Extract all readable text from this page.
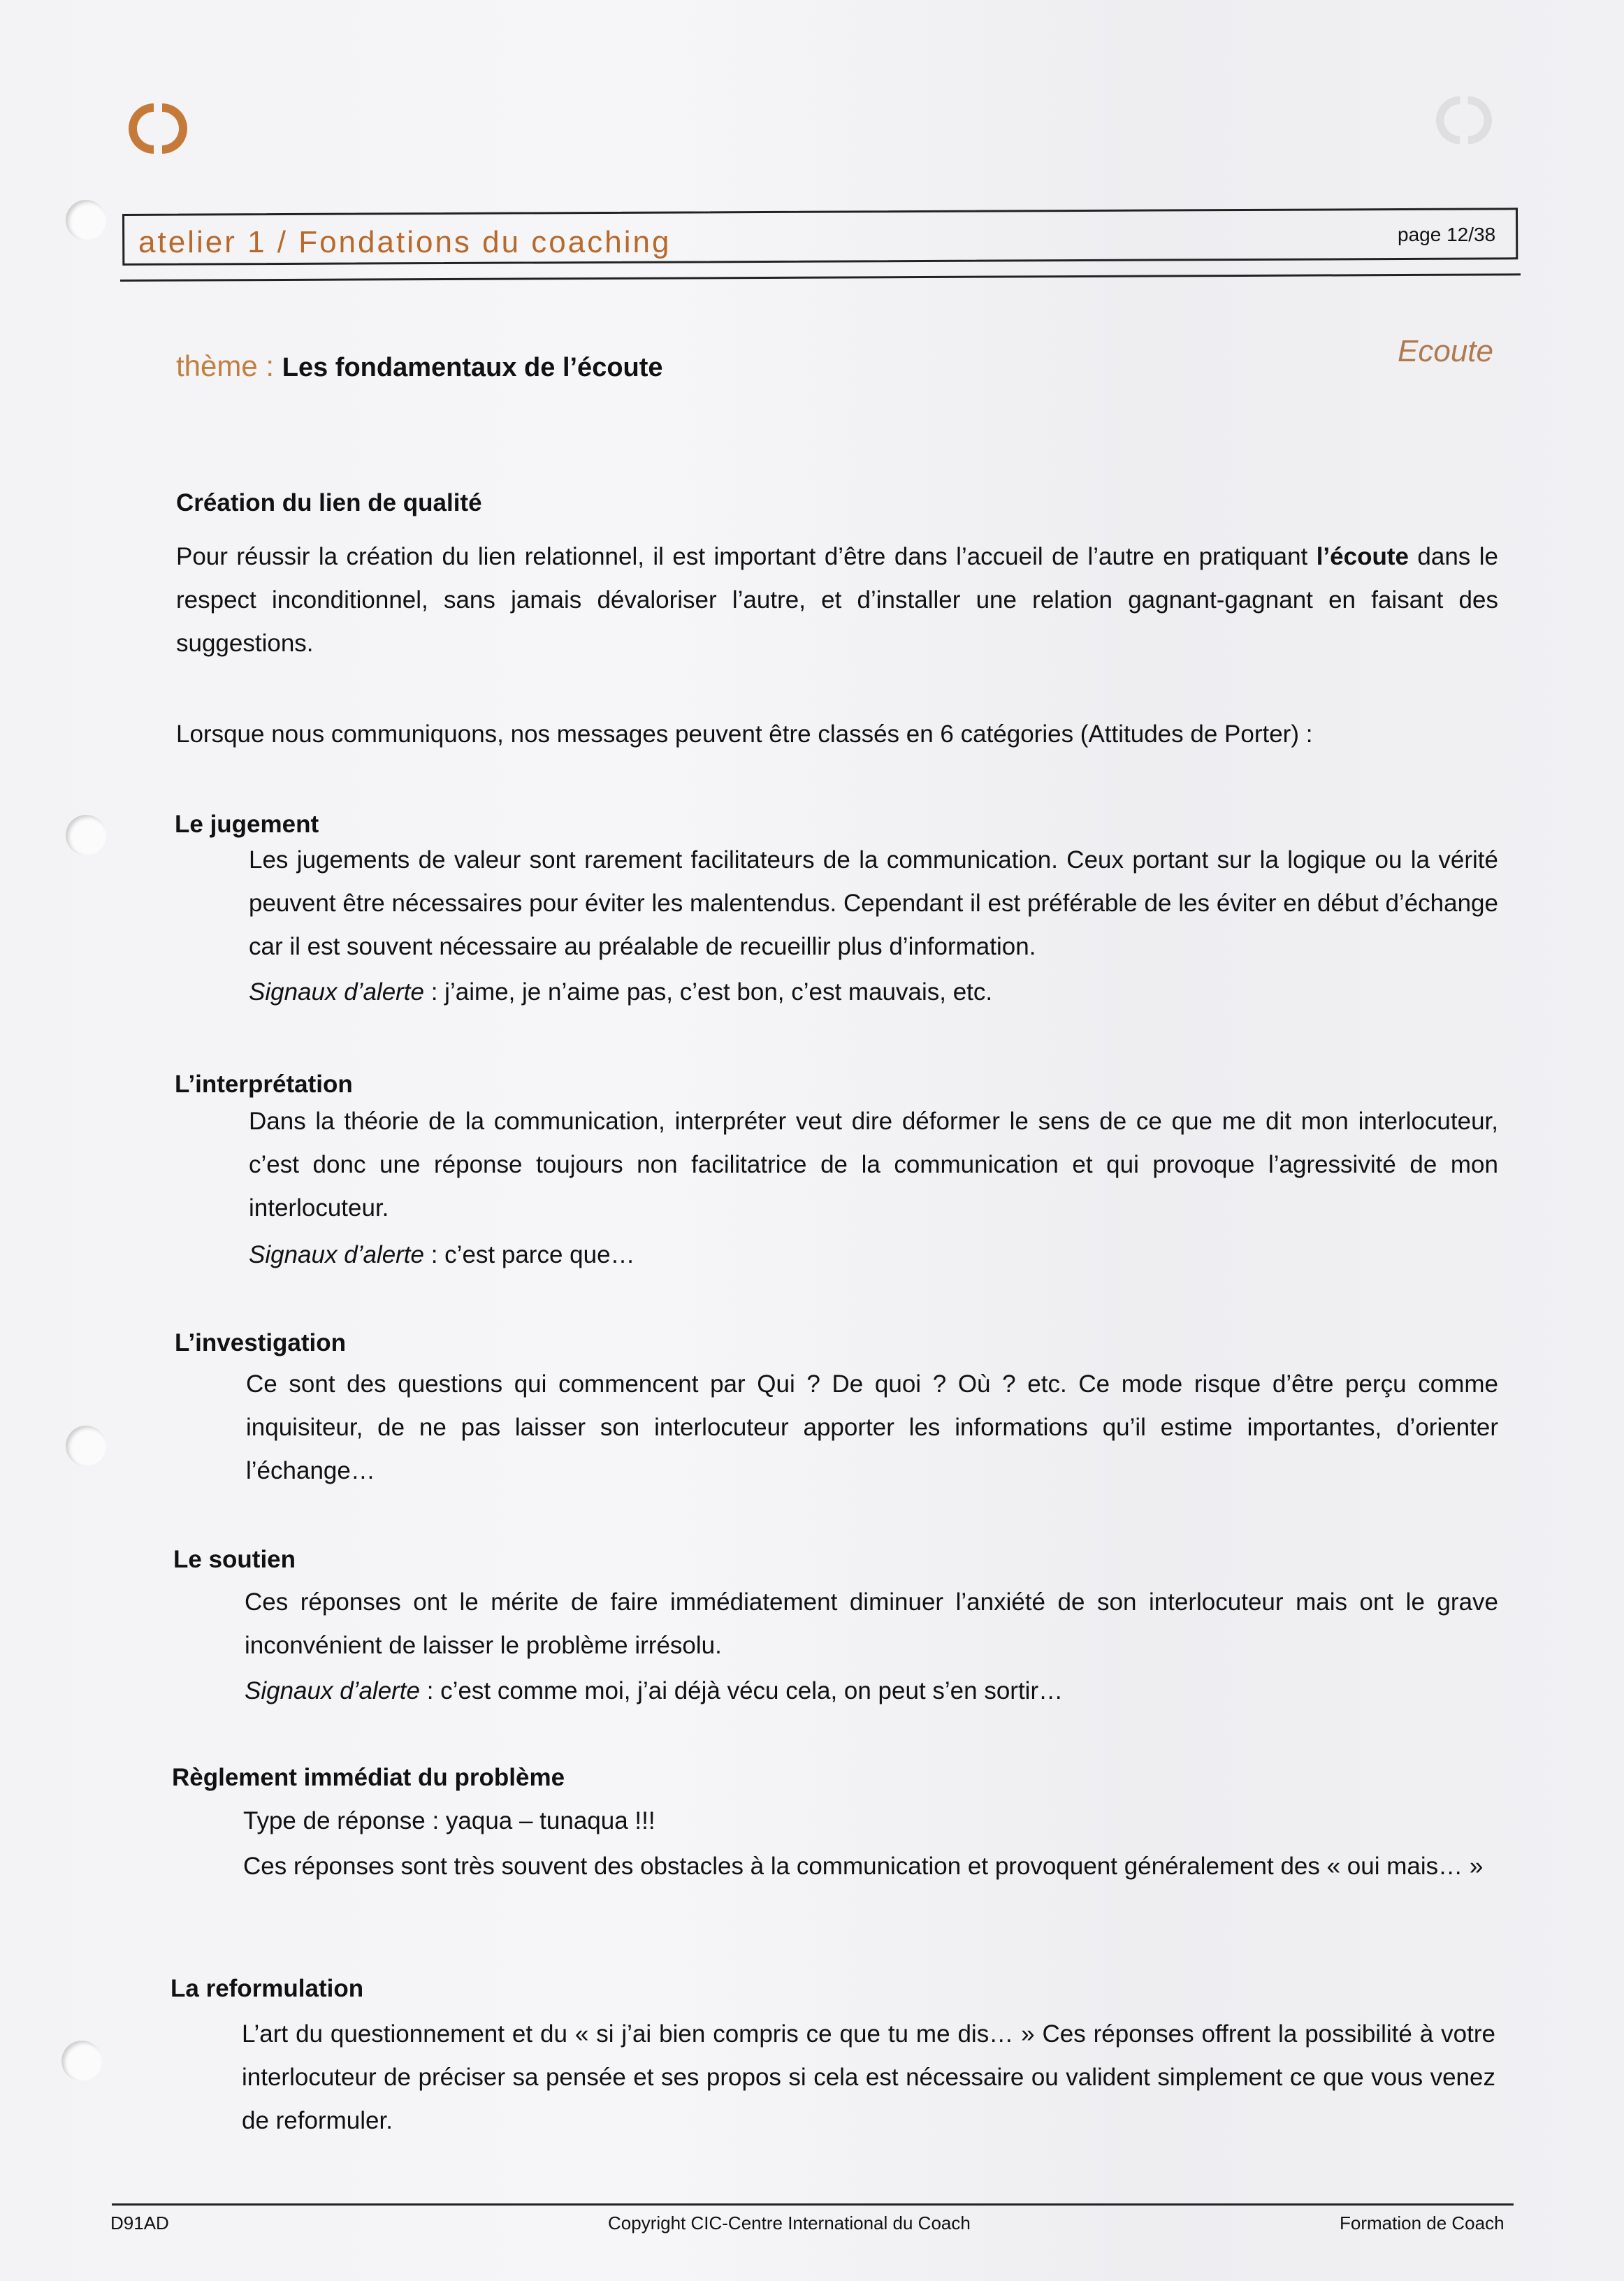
atelier 1 / Fondations du coaching	page 12/38
thème : Les fondamentaux de l’écoute	Ecoute
Création du lien de qualité
Pour réussir la création du lien relationnel, il est important d’être dans l’accueil de l’autre en pratiquant l’écoute dans le respect inconditionnel, sans jamais dévaloriser l’autre, et d’installer une relation gagnant-gagnant en faisant des suggestions.
Lorsque nous communiquons, nos messages peuvent être classés en 6 catégories (Attitudes de Porter) :
Le jugement
Les jugements de valeur sont rarement facilitateurs de la communication. Ceux portant sur la logique ou la vérité peuvent être nécessaires pour éviter les malentendus. Cependant il est préférable de les éviter en début d’échange car il est souvent nécessaire au préalable de recueillir plus d’information.
Signaux d’alerte : j’aime, je n’aime pas, c’est bon, c’est mauvais, etc.
L’interprétation
Dans la théorie de la communication, interpréter veut dire déformer le sens de ce que me dit mon interlocuteur, c’est donc une réponse toujours non facilitatrice de la communication et qui provoque l’agressivité de mon interlocuteur.
Signaux d’alerte : c’est parce que…
L’investigation
Ce sont des questions qui commencent par Qui ? De quoi ? Où ? etc. Ce mode risque d’être perçu comme inquisiteur, de ne pas laisser son interlocuteur apporter les informations qu’il estime importantes, d’orienter l’échange…
Le soutien
Ces réponses ont le mérite de faire immédiatement diminuer l’anxiété de son interlocuteur mais ont le grave inconvénient de laisser le problème irrésolu.
Signaux d’alerte : c’est comme moi, j’ai déjà vécu cela, on peut s’en sortir…
Règlement immédiat du problème
Type de réponse : yaqua – tunaqua !!!
Ces réponses sont très souvent des obstacles à la communication et provoquent généralement des « oui mais… »
La reformulation
L’art du questionnement et du « si j’ai bien compris ce que tu me dis… » Ces réponses offrent la possibilité à votre interlocuteur de préciser sa pensée et ses propos si cela est nécessaire ou valident simplement ce que vous venez de reformuler.
D91AD	Copyright CIC-Centre International du Coach	Formation de Coach
